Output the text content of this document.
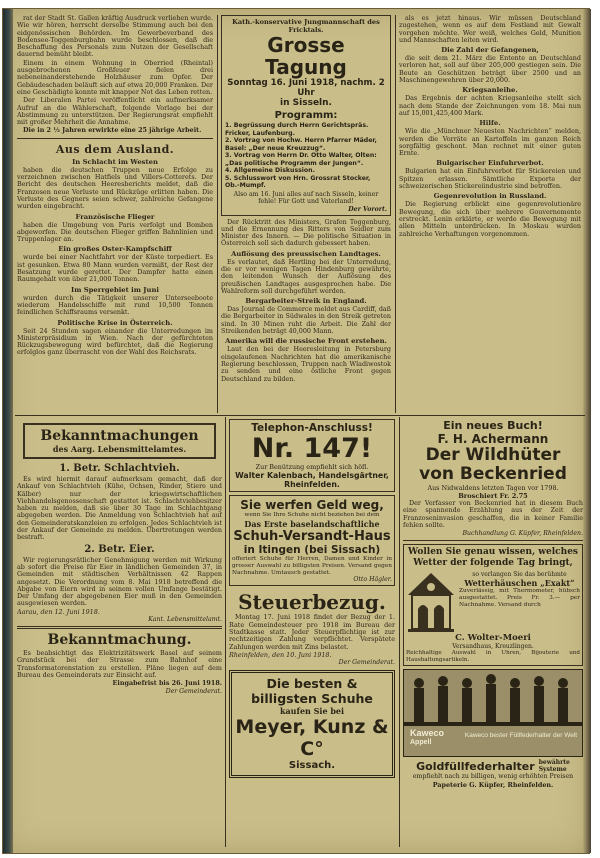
rat der Stadt St. Gallen kräftig Ausdruck verliehen wurde. Wie wir hören, herrscht derselbe Stimmung auch bei den eidgenössischen Behörden. Im Gewerbeverband des Bodensee-Toggenburgbahn wurde beschlossen, daß die Beschaffung des Personals zum Nutzen der Gesellschaft dauernd bemüht bleibt.

Einem in einem Wohnung in Oberried (Rheintal) ausgebrochenen Großfeuer fielen drei nebeneinanderstehende Holzhäuser zum Opfer. Der Gebäudeschaden beläuft sich auf etwa 20,000 Franken. Der eine Geschädigte konnte mit knapper Not das Leben retten.

Der Liberalen Partei veröffentlicht ein aufmerksamer Aufruf an die Wählerschaft, folgende Vorlage bei der Abstimmung zu unterstützen. Der Regierungsrat empfiehlt mit großer Mehrheit die Annahme.

Die in 2 ½ Jahren erwirkte eine 25 jährige Arbeit.

Aus dem Ausland.
In Schlacht im Westen

haben die deutschen Truppen neue Erfolge zu verzeichnen zwischen Hatfiels und Villers-Cotterets. Der Bericht des deutschen Heeresberichts meldet, daß die Franzosen neue Verluste und Rückzüge erlitten haben. Die Verluste des Gegners seien schwer, zahlreiche Gefangene wurden eingebracht.

Französische Flieger

haben die Umgebung von Paris verfolgt und Bomben abgeworfen. Die deutschen Flieger griffen Bahnlinien und Truppenlager an.

Ein großes Oster-Kampfschiff

wurde bei einer Nachtfahrt vor der Küste torpediert. Es ist gesunken. Etwa 80 Mann wurden vermißt, der Rest der Besatzung wurde gerettet. Der Dampfer hatte einen Raumgehalt von über 21,000 Tonnen.

Im Sperrgebiet im Juni

wurden durch die Tätigkeit unserer Unterseeboote wiederum Handelsschiffe mit rund 10,500 Tonnen feindlichen Schiffsraums versenkt.

Politische Krise in Österreich.

Seit 24 Stunden sagen einander die Unterredungen im Ministerpräsidium in Wien. Nach der gefürchteten Rückzugsbewegung wird befürchtet, daß die Regierung erfolglos ganz überrascht von der Wahl des Reichsrats.

Kath.-konservative Jungmannschaft des Fricktals.
Grosse Tagung
Sonntag 16. Juni 1918, nachm. 2 Uhr
in Sisseln.
Programm:
1. Begrüssung durch Herrn Gerichtspräs. Fricker, Laufenburg.
2. Vortrag von Hochw. Herrn Pfarrer Mäder, Basel: „Der neue Kreuzzug“.
3. Vortrag von Herrn Dr. Otto Walter, Olten: „Das politische Programm der Jungen“.
4. Allgemeine Diskussion.
5. Schlusswort von Hrn. Grossrat Stocker, Ob.-Mumpf.
Also am 16. Juni alles auf nach Sisseln, keiner fehle! Für Gott und Vaterland!
Der Vorort.

Der Rücktritt des Ministers, Grafen Toggenburg, und die Ernennung des Ritters von Seidler zum Minister des Innern. — Die politische Situation in Österreich soll sich dadurch gebessert haben.

Auflösung des preussischen Landtages.

Es verlautet, daß Hertling bei der Unterredung, die er vor wenigen Tagen Hindenburg gewährte, den leitenden Wunsch der Auflösung des preußischen Landtages ausgesprochen habe. Die Wahlreform soll durchgeführt werden.

Bergarbeiter-Streik in England.

Das Journal de Commerce meldet aus Cardiff, daß die Bergarbeiter in Südwales in den Streik getreten sind. In 30 Minen ruht die Arbeit. Die Zahl der Streikenden beträgt 40,000 Mann.

Amerika will die russische Front erstehen.

Laut den bei der Heeresleitung in Petersburg eingelaufenen Nachrichten hat die amerikanische Regierung beschlossen, Truppen nach Wladiwostok zu senden und eine östliche Front gegen Deutschland zu bilden.

als es jetzt hinaus. Wir müssen Deutschland zugestehen, wenn es auf dem Festland mit Gewalt vorgehen möchte. Wer weiß, welches Geld, Munition und Mannschaften leiten wird.

Die Zahl der Gefangenen,

die seit dem 21. März die Entente an Deutschland verloren hat, soll auf über 205,000 gestiegen sein. Die Beute an Geschützen beträgt über 2500 und an Maschinengewehren über 20,000.

Kriegsanleihe.

Das Ergebnis der achten Kriegsanleihe stellt sich nach dem Stande der Zeichnungen vom 18. Mai nun auf 15,001,425,400 Mark.

Hilfe.

Wie die „Münchner Neuesten Nachrichten“ melden, werden die Vorräte an Kartoffeln im ganzen Reich sorgfältig geschont. Man rechnet mit einer guten Ernte.

Bulgarischer Einfuhrverbot.

Bulgarien hat ein Einfuhrverbot für Stickereien und Spitzen erlassen. Sämtliche Exporte der schweizerischen Stickereiindustrie sind betroffen.

Gegenrevolution in Russland.

Die Regierung erblickt eine gegenrevolutionäre Bewegung, die sich über mehrere Gouvernemente erstreckt. Lenin erklärte, er werde die Bewegung mit allen Mitteln unterdrücken. In Moskau wurden zahlreiche Verhaftungen vorgenommen.

Bekanntmachungen
des Aarg. Lebensmittelamtes.
1. Betr. Schlachtvieh.

Es wird hiermit darauf aufmerksam gemacht, daß der Ankauf von Schlachtvieh (Kühe, Ochsen, Rinder, Stiere und Kälber) nur der kriegswirtschaftlichen Viehhandelsgenossenschaft gestattet ist. Schlachtviehbesitzer haben zu melden, daß sie über 30 Tage im Schlachtgang abgegeben werden. Die Anmeldung von Schlachtvieh hat auf den Gemeinderatskanzleien zu erfolgen. Jedes Schlachtvieh ist der Ankauf der Gemeinde zu melden. Übertretungen werden bestraft.

2. Betr. Eier.

Wir regierungsrätlicher Genehmigung werden mit Wirkung ab sofort die Preise für Eier in ländlichen Gemeinden 37, in Gemeinden mit städtischen Verhältnissen 42 Rappen angesetzt. Die Verordnung vom 8. Mai 1918 betreffend die Abgabe von Eiern wird in seinem vollen Umfange bestätigt. Der Umfang der abgegebenen Eier muß in den Gemeinden ausgewiesen werden.

Aarau, den 12. Juni 1918.
Kant. Lebensmittelamt.
Bekanntmachung.

Es beabsichtigt das Elektrizitätswerk Basel auf seinem Grundstück bei der Strasse zum Bahnhof eine Transformatorenstation zu erstellen. Pläne liegen auf dem Bureau des Gemeinderats zur Einsicht auf.

Eingabefrist bis 26. Juni 1918.
Der Gemeinderat.
Telephon-Anschluss!
Nr. 147!
Zur Benützung empfiehlt sich höfl.
Walter Kalenbach, Handelsgärtner,
Rheinfelden.
Sie werfen Geld weg,
wenn Sie Ihre Schuhe nicht beziehen bei dem
Das Erste baselandschaftliche
Schuh-Versandt-Haus
in Itingen (bei Sissach)
offeriert Schuhe für Herren, Damen und Kinder in grosser Auswahl zu billigsten Preisen. Versand gegen Nachnahme. Umtausch gestattet.
Otto Hägler.
Steuerbezug.

Montag 17. Juni 1918 findet der Bezug der 1. Rate Gemeindesteuer pro 1918 im Bureau der Stadtkasse statt. Jeder Steuerpflichtige ist zur rechtzeitigen Zahlung verpflichtet. Verspätete Zahlungen werden mit Zins belastet.

Rheinfelden, den 10. Juni 1918.
Der Gemeinderat.
Die besten & billigsten Schuhe
kaufen Sie bei
Meyer, Kunz & C°
Sissach.
Ein neues Buch!
F. H. Achermann
Der Wildhüter
von Beckenried
Aus Nidwaldens letzten Tagen vor 1798.
Broschiert Fr. 2.75

Der Verfasser von Beckenried hat in diesem Buch eine spannende Erzählung aus der Zeit der Franzoseninvasion geschaffen, die in keiner Familie fehlen sollte.

Buchhandlung G. Küpfer, Rheinfelden.
Wollen Sie genau wissen, welches Wetter der folgende Tag bringt,
so verlangen Sie das berühmte
Wetterhäuschen „Exakt“
Zuverlässig, mit Thermometer, hübsch ausgestattet. Preis Fr. 3.— per Nachnahme. Versand durch
C. Wolter-Moeri
Versandhaus, Kreuzlingen.
Reichhaltige Auswahl in Uhren, Bijouterie und Haushaltungsartikeln.
Kaweco
Appell
Kaweco bester Füllfederhalter der Welt
Goldfüllfederhalter bewährte
Systeme
empfiehlt nach zu billigen, wenig erhöhten Preisen
Papeterie G. Küpfer, Rheinfelden.
